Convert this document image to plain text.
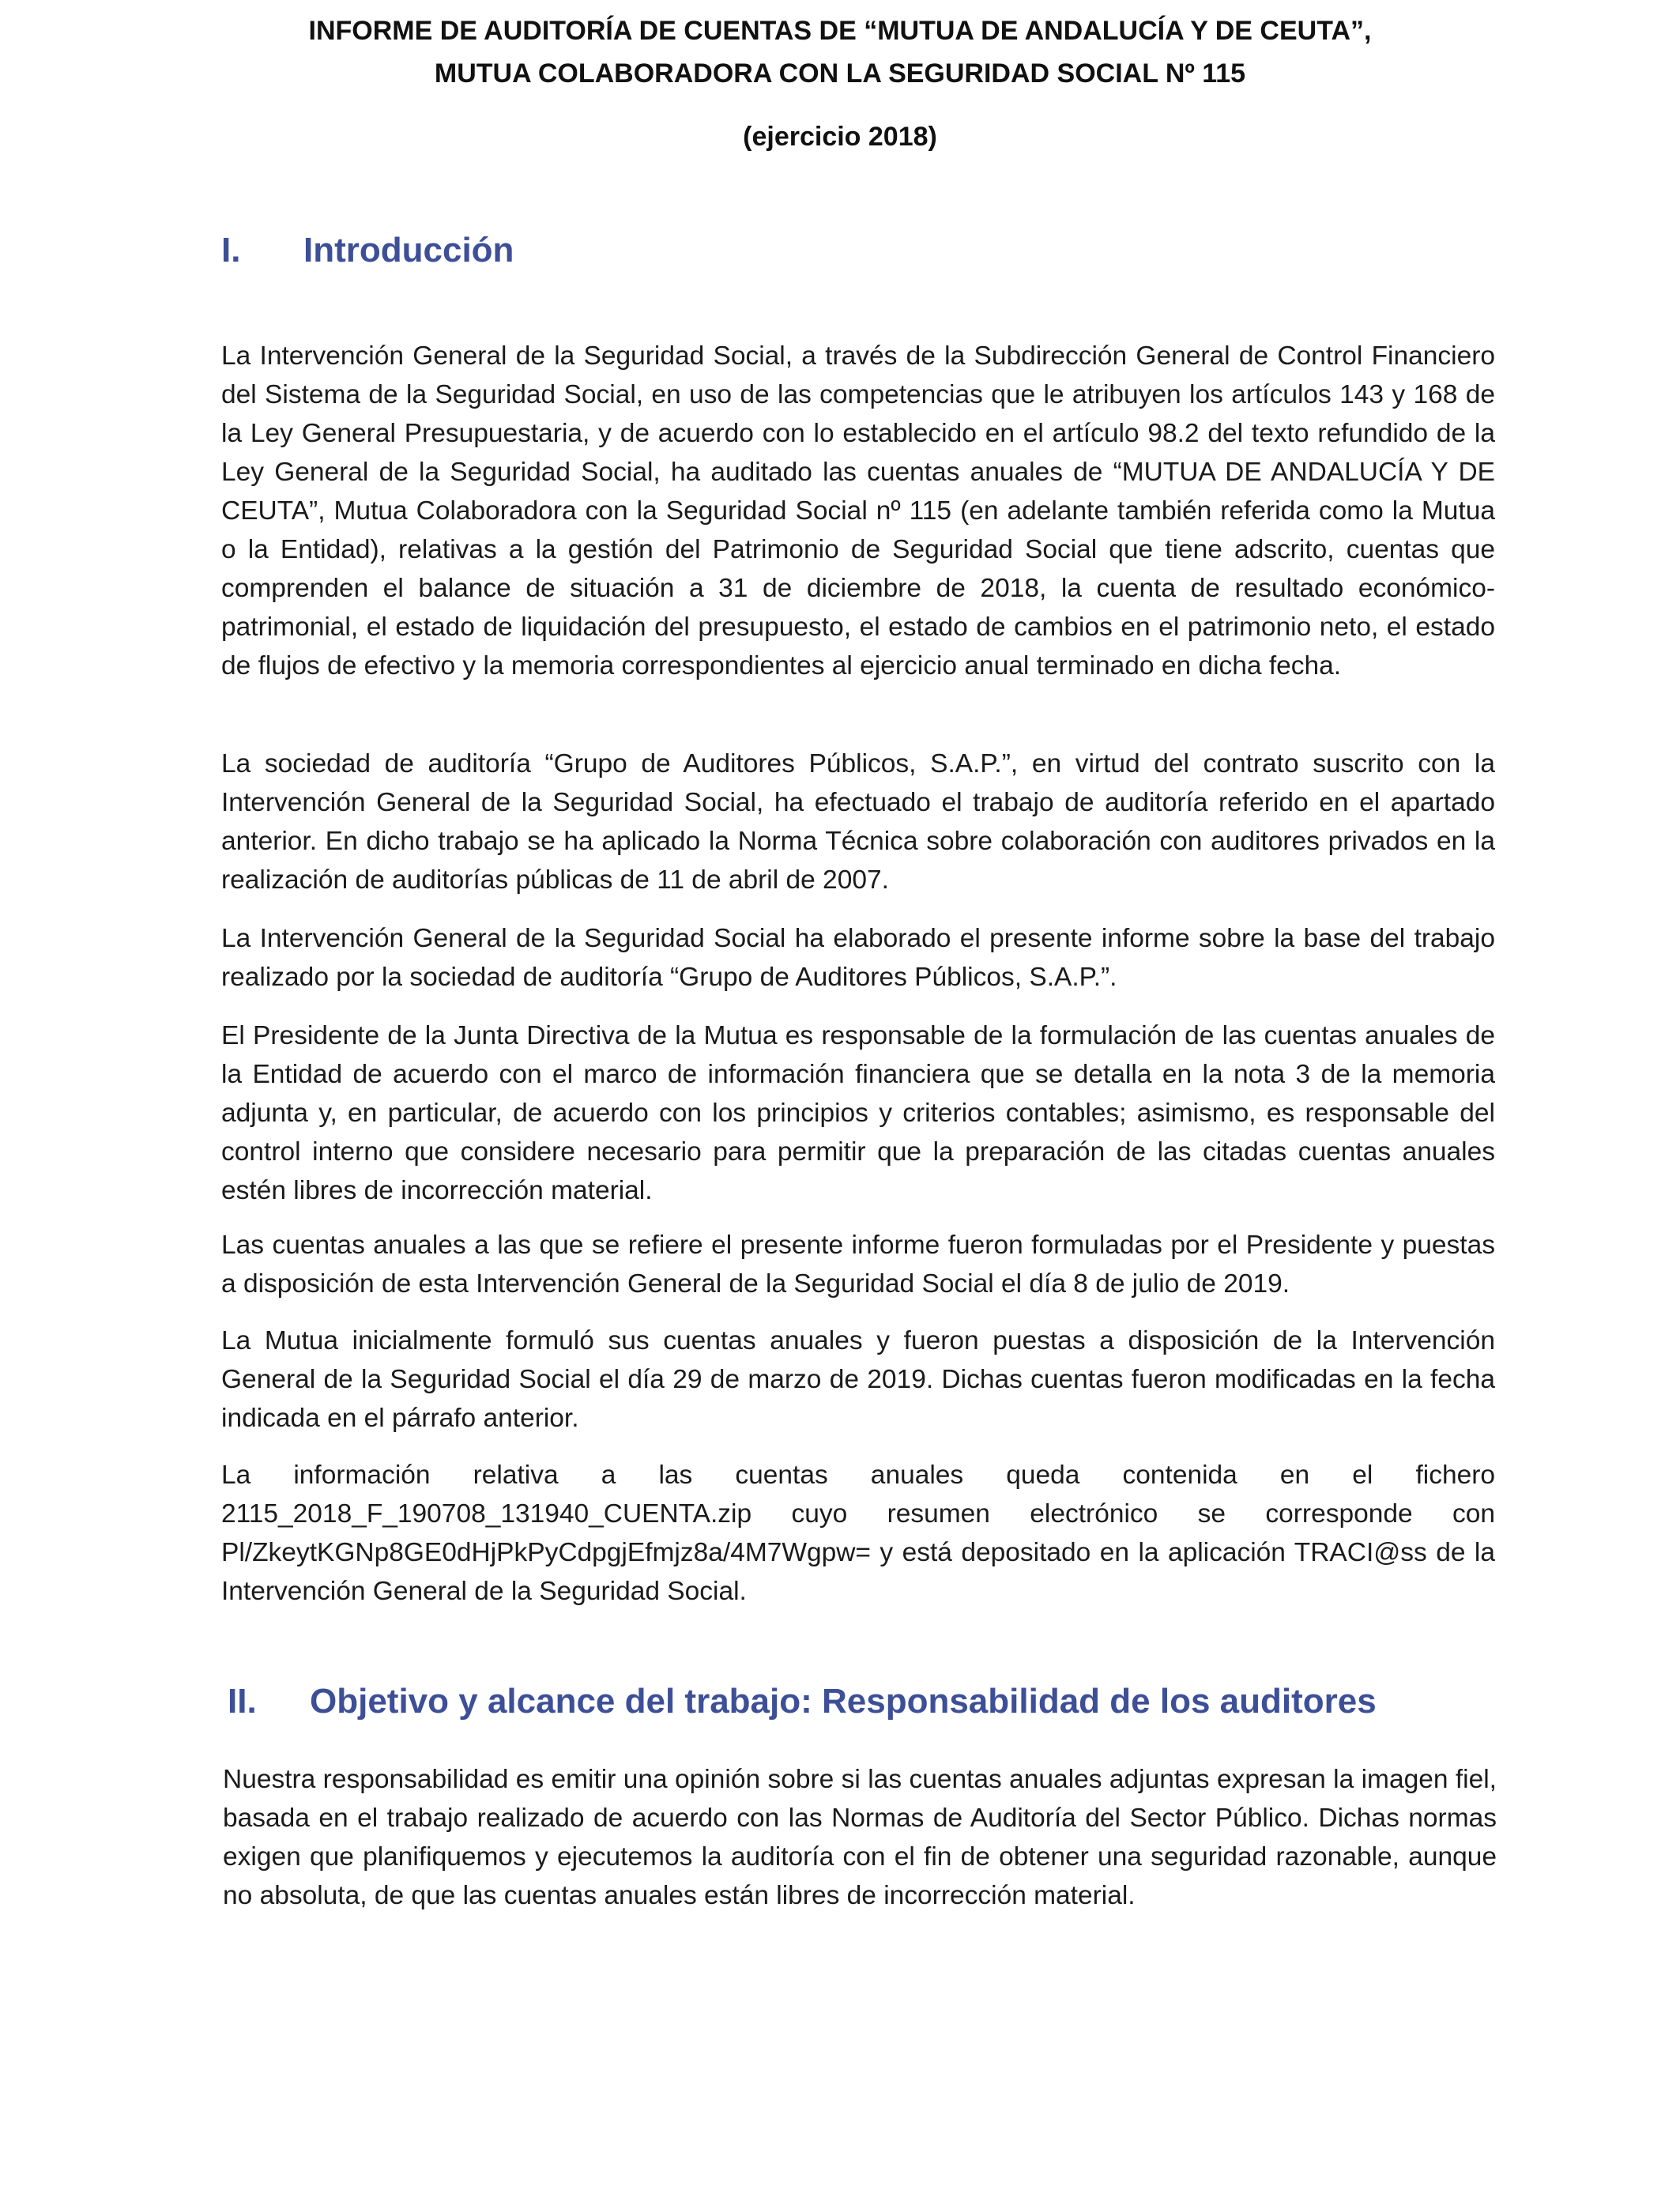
INFORME DE AUDITORÍA DE CUENTAS DE “MUTUA DE ANDALUCÍA Y DE CEUTA”,
MUTUA COLABORADORA CON LA SEGURIDAD SOCIAL Nº 115
(ejercicio 2018)
I. Introducción

La Intervención General de la Seguridad Social, a través de la Subdirección General de Control Financiero del Sistema de la Seguridad Social, en uso de las competencias que le atribuyen los artículos 143 y 168 de la Ley General Presupuestaria, y de acuerdo con lo establecido en el artículo 98.2 del texto refundido de la Ley General de la Seguridad Social, ha auditado las cuentas anuales de “MUTUA DE ANDALUCÍA Y DE CEUTA”, Mutua Colaboradora con la Seguridad Social nº 115 (en adelante también referida como la Mutua o la Entidad), relativas a la gestión del Patrimonio de Seguridad Social que tiene adscrito, cuentas que comprenden el balance de situación a 31 de diciembre de 2018, la cuenta de resultado económico-patrimonial, el estado de liquidación del presupuesto, el estado de cambios en el patrimonio neto, el estado de flujos de efectivo y la memoria correspondientes al ejercicio anual terminado en dicha fecha.

La sociedad de auditoría “Grupo de Auditores Públicos, S.A.P.”, en virtud del contrato suscrito con la Intervención General de la Seguridad Social, ha efectuado el trabajo de auditoría referido en el apartado anterior. En dicho trabajo se ha aplicado la Norma Técnica sobre colaboración con auditores privados en la realización de auditorías públicas de 11 de abril de 2007.

La Intervención General de la Seguridad Social ha elaborado el presente informe sobre la base del trabajo realizado por la sociedad de auditoría “Grupo de Auditores Públicos, S.A.P.”.

El Presidente de la Junta Directiva de la Mutua es responsable de la formulación de las cuentas anuales de la Entidad de acuerdo con el marco de información financiera que se detalla en la nota 3 de la memoria adjunta y, en particular, de acuerdo con los principios y criterios contables; asimismo, es responsable del control interno que considere necesario para permitir que la preparación de las citadas cuentas anuales estén libres de incorrección material.

Las cuentas anuales a las que se refiere el presente informe fueron formuladas por el Presidente y puestas a disposición de esta Intervención General de la Seguridad Social el día 8 de julio de 2019.

La Mutua inicialmente formuló sus cuentas anuales y fueron puestas a disposición de la Intervención General de la Seguridad Social el día 29 de marzo de 2019. Dichas cuentas fueron modificadas en la fecha indicada en el párrafo anterior.

La información relativa a las cuentas anuales queda contenida en el fichero 2115_2018_F_190708_131940_CUENTA.zip cuyo resumen electrónico se corresponde con Pl/ZkeytKGNp8GE0dHjPkPyCdpgjEfmjz8a/4M7Wgpw= y está depositado en la aplicación TRACI@ss de la Intervención General de la Seguridad Social.

II. Objetivo y alcance del trabajo: Responsabilidad de los auditores

Nuestra responsabilidad es emitir una opinión sobre si las cuentas anuales adjuntas expresan la imagen fiel, basada en el trabajo realizado de acuerdo con las Normas de Auditoría del Sector Público. Dichas normas exigen que planifiquemos y ejecutemos la auditoría con el fin de obtener una seguridad razonable, aunque no absoluta, de que las cuentas anuales están libres de incorrección material.
